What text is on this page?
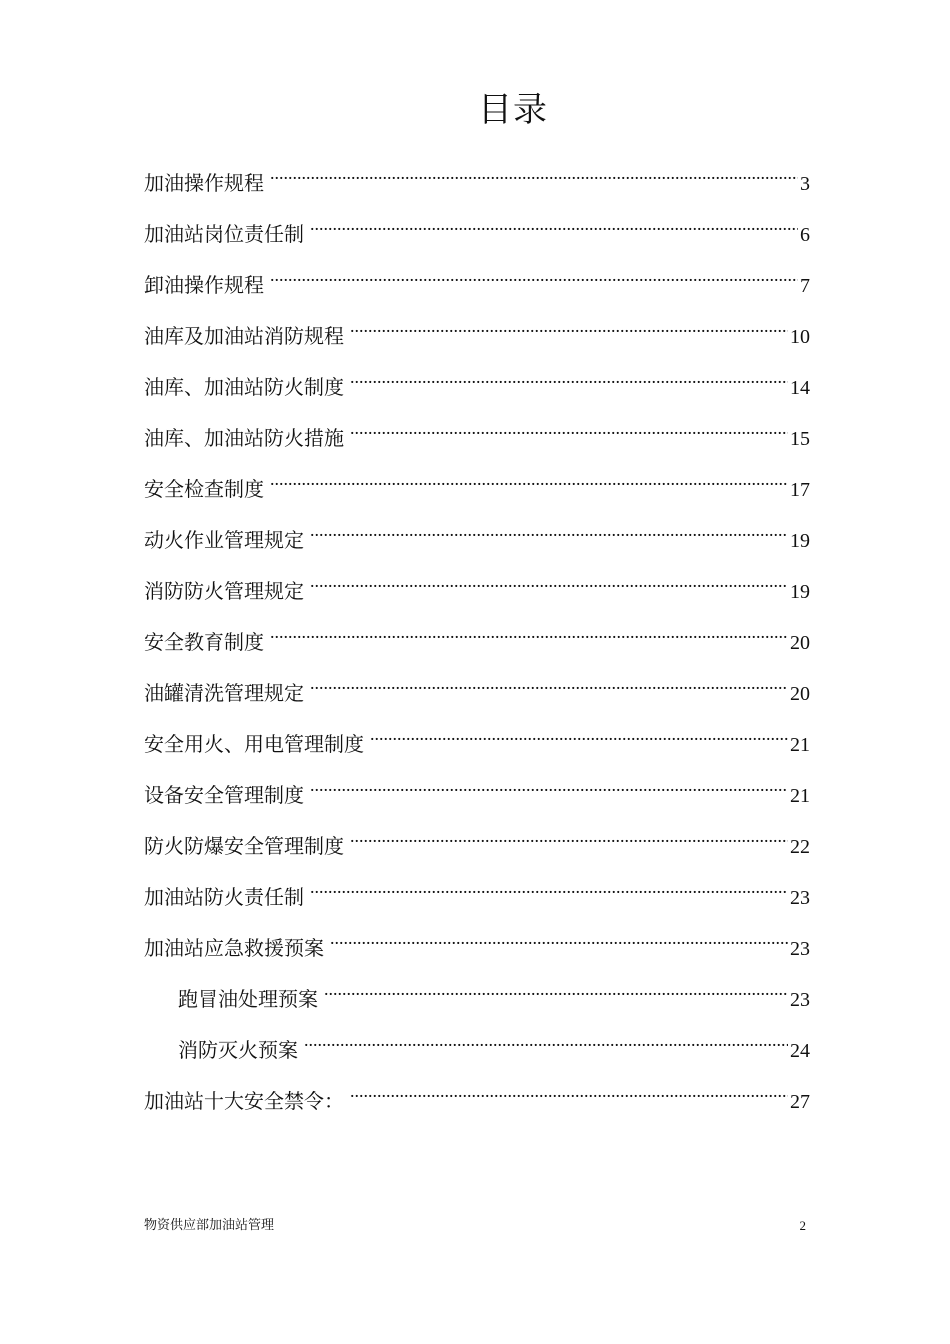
目录
加油操作规程 .....	3
加油站岗位责任制 .....	6
卸油操作规程 .....	7
油库及加油站消防规程 .....	10
油库、加油站防火制度 .....	14
油库、加油站防火措施 .....	15
安全检查制度 .....	17
动火作业管理规定 .....	19
消防防火管理规定 .....	19
安全教育制度 .....	20
油罐清洗管理规定 .....	20
安全用火、用电管理制度 .....	21
设备安全管理制度 .....	21
防火防爆安全管理制度 .....	22
加油站防火责任制 .....	23
加油站应急救援预案 .....	23
跑冒油处理预案 .....	23
消防灭火预案 .....	24
加油站十大安全禁令： .....	27
物资供应部加油站管理	2
